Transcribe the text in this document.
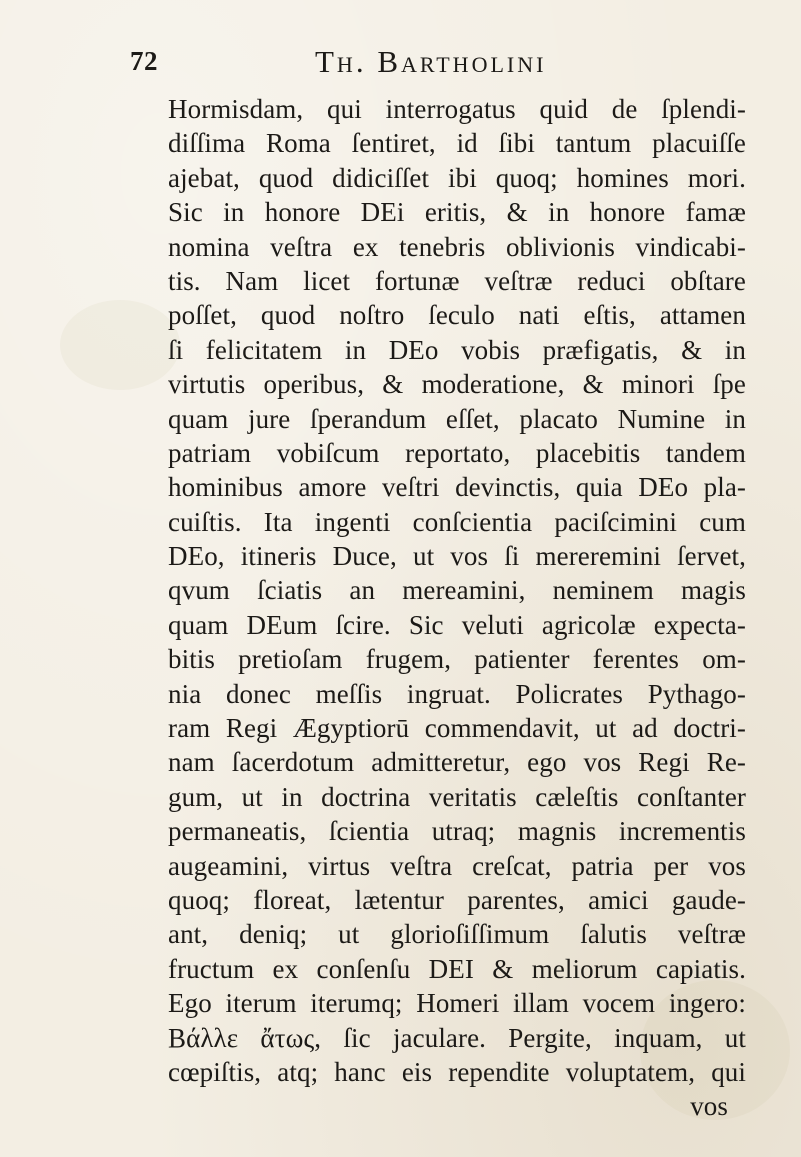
72	Th. Bartholini
Hormisdam, qui interrogatus quid de ſplendi-
diſſima Roma ſentiret, id ſibi tantum placuiſſe
ajebat, quod didiciſſet ibi quoq; homines mori.
Sic in honore DEi eritis, & in honore famæ
nomina veſtra ex tenebris oblivionis vindicabi-
tis. Nam licet fortunæ veſtræ reduci obſtare
poſſet, quod noſtro ſeculo nati eſtis, attamen
ſi felicitatem in DEo vobis præfigatis, & in
virtutis operibus, & moderatione, & minori ſpe
quam jure ſperandum eſſet, placato Numine in
patriam vobiſcum reportato, placebitis tandem
hominibus amore veſtri devinctis, quia DEo pla-
cuiſtis. Ita ingenti conſcientia paciſcimini cum
DEo, itineris Duce, ut vos ſi mereremini ſervet,
qvum ſciatis an mereamini, neminem magis
quam DEum ſcire. Sic veluti agricolæ expecta-
bitis pretioſam frugem, patienter ferentes om-
nia donec meſſis ingruat. Policrates Pythago-
ram Regi Ægyptiorū commendavit, ut ad doctri-
nam ſacerdotum admitteretur, ego vos Regi Re-
gum, ut in doctrina veritatis cæleſtis conſtanter
permaneatis, ſcientia utraq; magnis incrementis
augeamini, virtus veſtra creſcat, patria per vos
quoq; floreat, lætentur parentes, amici gaude-
ant, deniq; ut glorioſiſſimum ſalutis veſtræ
fructum ex conſenſu DEI & meliorum capiatis.
Ego iterum iterumq; Homeri illam vocem ingero:
Βάλλε ἄτως, ſic jaculare. Pergite, inquam, ut
cœpiſtis, atq; hanc eis rependite voluptatem, qui
vos
